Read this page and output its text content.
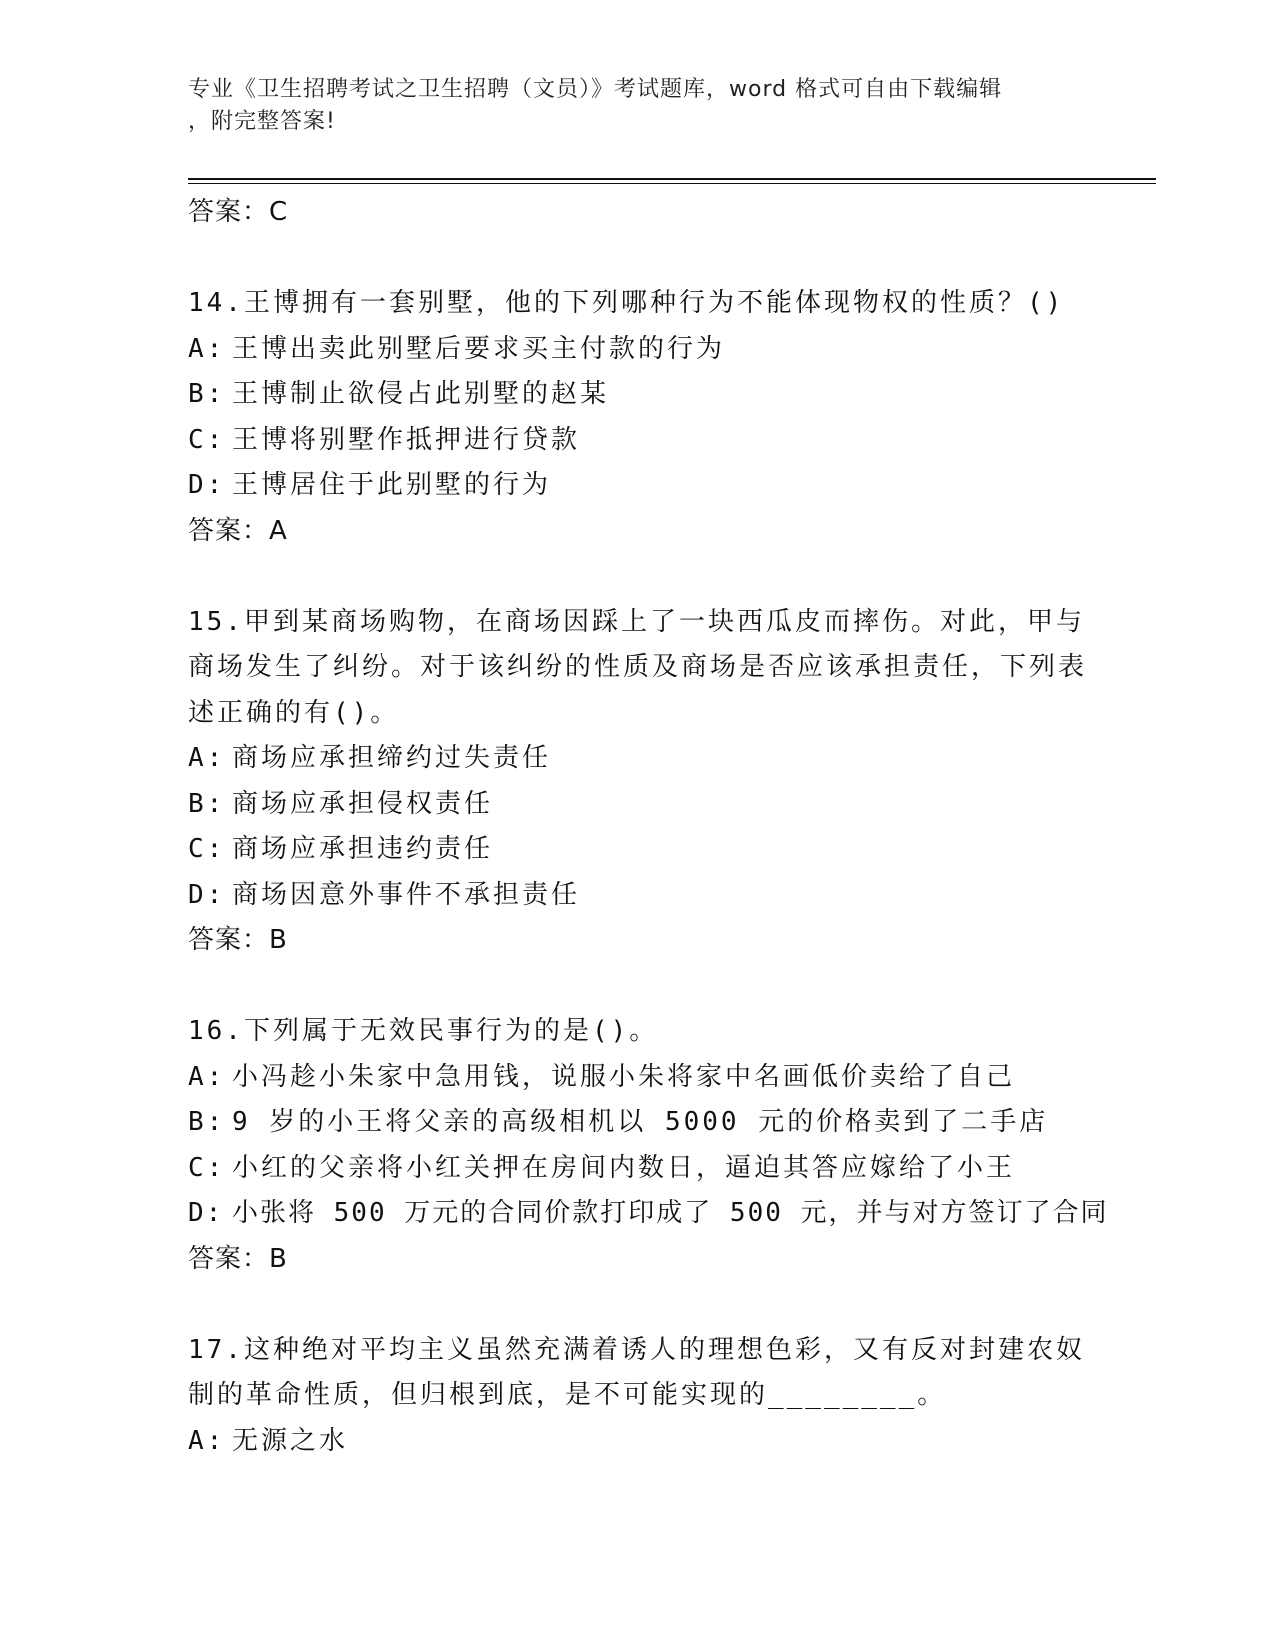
专业《卫生招聘考试之卫生招聘（文员）》考试题库，word 格式可自由下载编辑
，附完整答案!
答案：C
14.王博拥有一套别墅，他的下列哪种行为不能体现物权的性质？()
A: 王博出卖此别墅后要求买主付款的行为
B: 王博制止欲侵占此别墅的赵某
C: 王博将别墅作抵押进行贷款
D: 王博居住于此别墅的行为
答案：A
15.甲到某商场购物，在商场因踩上了一块西瓜皮而摔伤。对此，甲与商场发生了纠纷。对于该纠纷的性质及商场是否应该承担责任，下列表述正确的有()。
A: 商场应承担缔约过失责任
B: 商场应承担侵权责任
C: 商场应承担违约责任
D: 商场因意外事件不承担责任
答案：B
16.下列属于无效民事行为的是()。
A: 小冯趁小朱家中急用钱，说服小朱将家中名画低价卖给了自己
B: 9 岁的小王将父亲的高级相机以 5000 元的价格卖到了二手店
C: 小红的父亲将小红关押在房间内数日，逼迫其答应嫁给了小王
D: 小张将 500 万元的合同价款打印成了 500 元，并与对方签订了合同
答案：B
17.这种绝对平均主义虽然充满着诱人的理想色彩，又有反对封建农奴制的革命性质，但归根到底，是不可能实现的________。
A: 无源之水
